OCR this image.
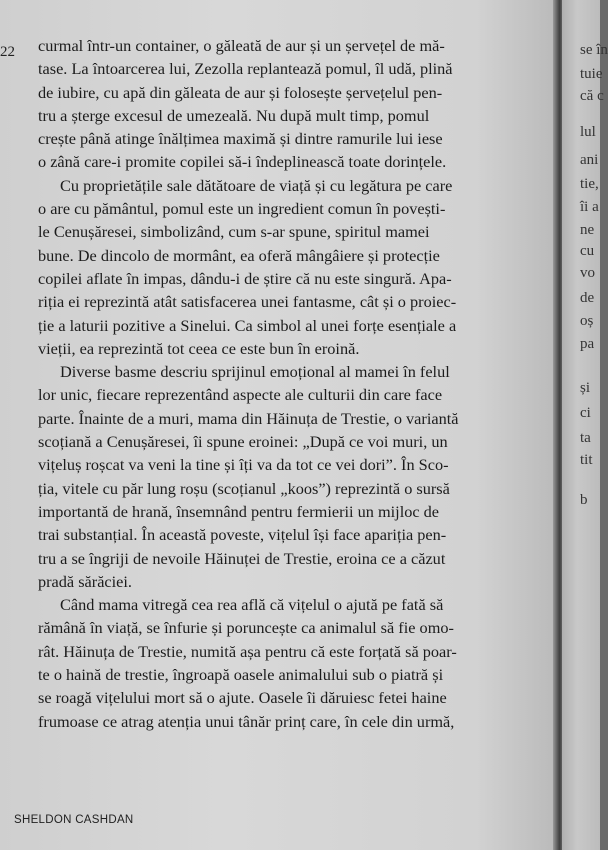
22 curmal într-un container, o găleată de aur și un șervețel de mă-
tase. La întoarcerea lui, Zezolla replantează pomul, îl udă, plină
de iubire, cu apă din găleata de aur și folosește șervețelul pen-
tru a șterge excesul de umezeală. Nu după mult timp, pomul
crește până atinge înălțimea maximă și dintre ramurile lui iese
o zână care-i promite copilei să-i îndeplinească toate dorințele.
Cu proprietățile sale dătătoare de viață și cu legătura pe care
o are cu pământul, pomul este un ingredient comun în povești-
le Cenușăresei, simbolizând, cum s-ar spune, spiritul mamei
bune. De dincolo de mormânt, ea oferă mângâiere și protecție
copilei aflate în impas, dându-i de știre că nu este singură. Apa-
riția ei reprezintă atât satisfacerea unei fantasme, cât și o proiec-
ție a laturii pozitive a Sinelui. Ca simbol al unei forțe esențiale a
vieții, ea reprezintă tot ceea ce este bun în eroină.
Diverse basme descriu sprijinul emoțional al mamei în felul
lor unic, fiecare reprezentând aspecte ale culturii din care face
parte. Înainte de a muri, mama din Hăinuța de Trestie, o variantă
scoțiană a Cenușăresei, îi spune eroinei: „După ce voi muri, un
vițeluș roșcat va veni la tine și îți va da tot ce vei dori”. În Sco-
ția, vitele cu păr lung roșu (scoțianul „koos”) reprezintă o sursă
importantă de hrană, însemnând pentru fermierii un mijloc de
trai substanțial. În această poveste, vițelul își face apariția pen-
tru a se îngriji de nevoile Hăinuței de Trestie, eroina ce a căzut
pradă sărăciei.
Când mama vitregă cea rea află că vițelul o ajută pe fată să
rămână în viață, se înfurie și poruncește ca animalul să fie omo-
rât. Hăinuța de Trestie, numită așa pentru că este forțată să poar-
te o haină de trestie, îngroapă oasele animalului sub o piatră și
se roagă vițelului mort să o ajute. Oasele îi dăruiesc fetei haine
frumoase ce atrag atenția unui tânăr prinț care, în cele din urmă,
SHELDON CASHDAN
se în
tuie
că c
lul
ani
tie,
îi a
ne
cu
vo
de
oș
pa
și
ci
ta
tit
b
